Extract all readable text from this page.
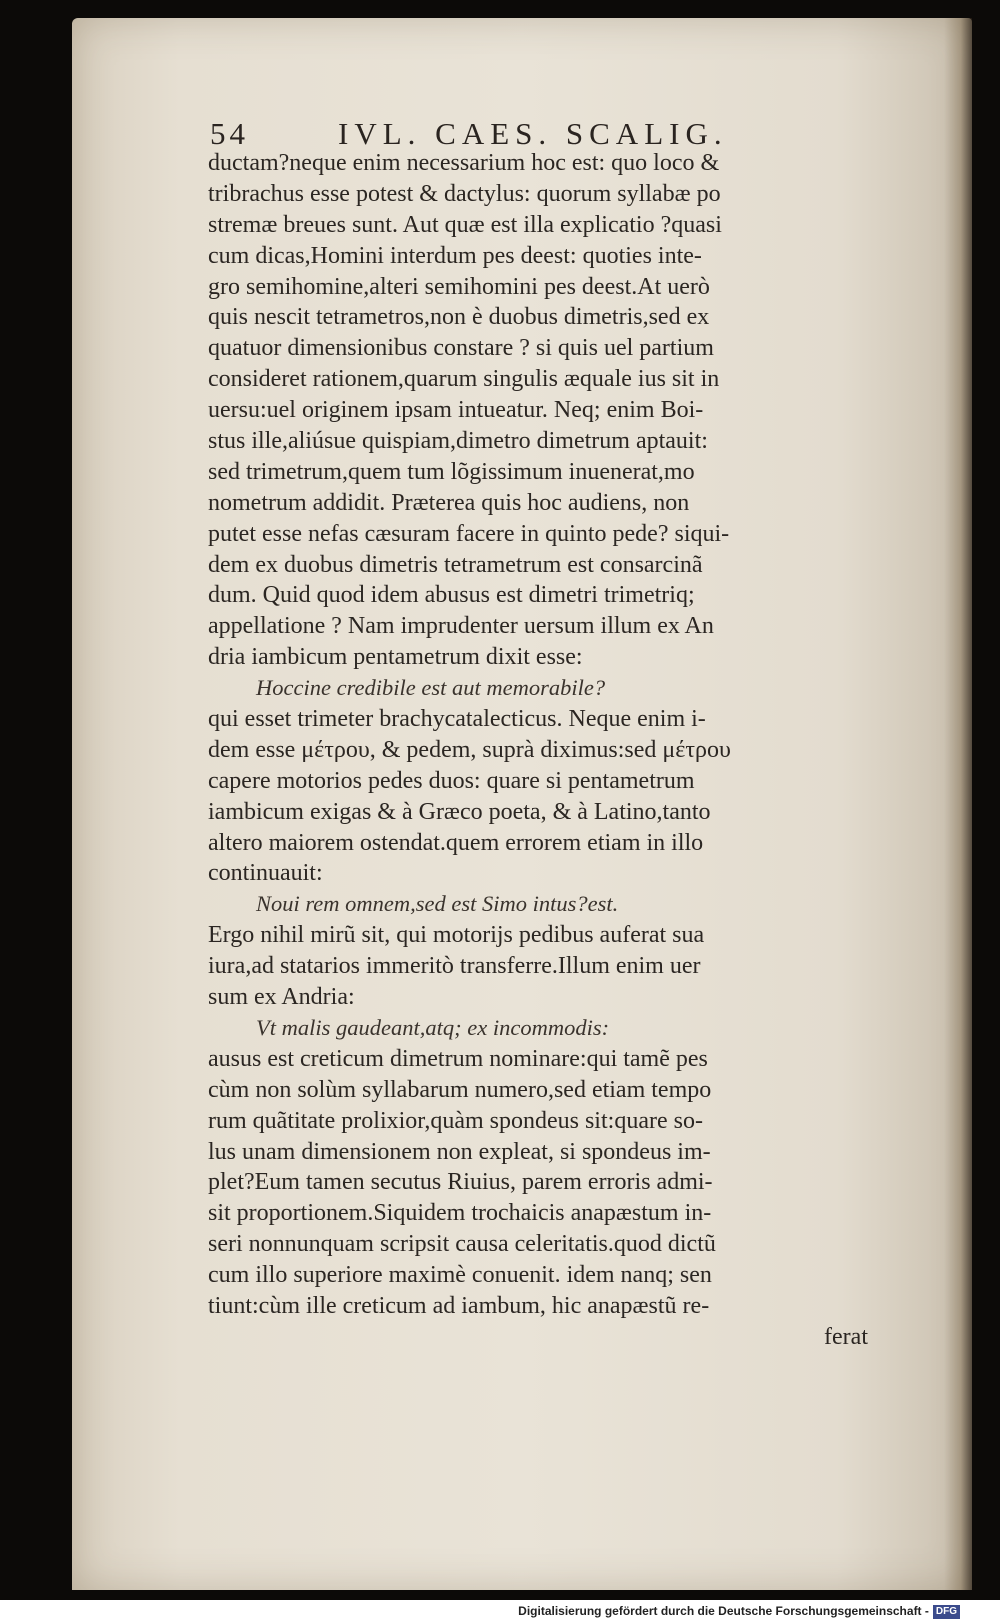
54	IVL. CAES. SCALIG.
ductam?neque enim necessarium hoc est: quo loco &
tribrachus esse potest & dactylus: quorum syllabæ po
stremæ breues sunt. Aut quæ est illa explicatio ?quasi
cum dicas,Homini interdum pes deest: quoties inte-
gro semihomine,alteri semihomini pes deest.At uerò
quis nescit tetrametros,non è duobus dimetris,sed ex
quatuor dimensionibus constare ? si quis uel partium
consideret rationem,quarum singulis æquale ius sit in
uersu:uel originem ipsam intueatur. Neq; enim Boi-
stus ille,aliúsue quispiam,dimetro dimetrum aptauit:
sed trimetrum,quem tum lõgissimum inuenerat,mo
nometrum addidit. Præterea quis hoc audiens, non
putet esse nefas cæsuram facere in quinto pede? siqui-
dem ex duobus dimetris tetrametrum est consarcinã
dum. Quid quod idem abusus est dimetri trimetriq;
appellatione ? Nam imprudenter uersum illum ex An
dria iambicum pentametrum dixit esse:
Hoccine credibile est aut memorabile?
qui esset trimeter brachycatalecticus. Neque enim i-
dem esse μέτρου, & pedem, suprà diximus:sed μέτρου
capere motorios pedes duos: quare si pentametrum
iambicum exigas & à Græco poeta, & à Latino,tanto
altero maiorem ostendat.quem errorem etiam in illo
continuauit:
Noui rem omnem,sed est Simo intus?est.
Ergo nihil mirũ sit, qui motorijs pedibus auferat sua
iura,ad statarios immeritò transferre.Illum enim uer
sum ex Andria:
Vt malis gaudeant,atq; ex incommodis:
ausus est creticum dimetrum nominare:qui tamẽ pes
cùm non solùm syllabarum numero,sed etiam tempo
rum quãtitate prolixior,quàm spondeus sit:quare so-
lus unam dimensionem non expleat, si spondeus im-
plet?Eum tamen secutus Riuius, parem erroris admi-
sit proportionem.Siquidem trochaicis anapæstum in-
seri nonnunquam scripsit causa celeritatis.quod dictũ
cum illo superiore maximè conuenit. idem nanq; sen
tiunt:cùm ille creticum ad iambum, hic anapæstũ re-
ferat
Digitalisierung gefördert durch die Deutsche Forschungsgemeinschaft - DFG
